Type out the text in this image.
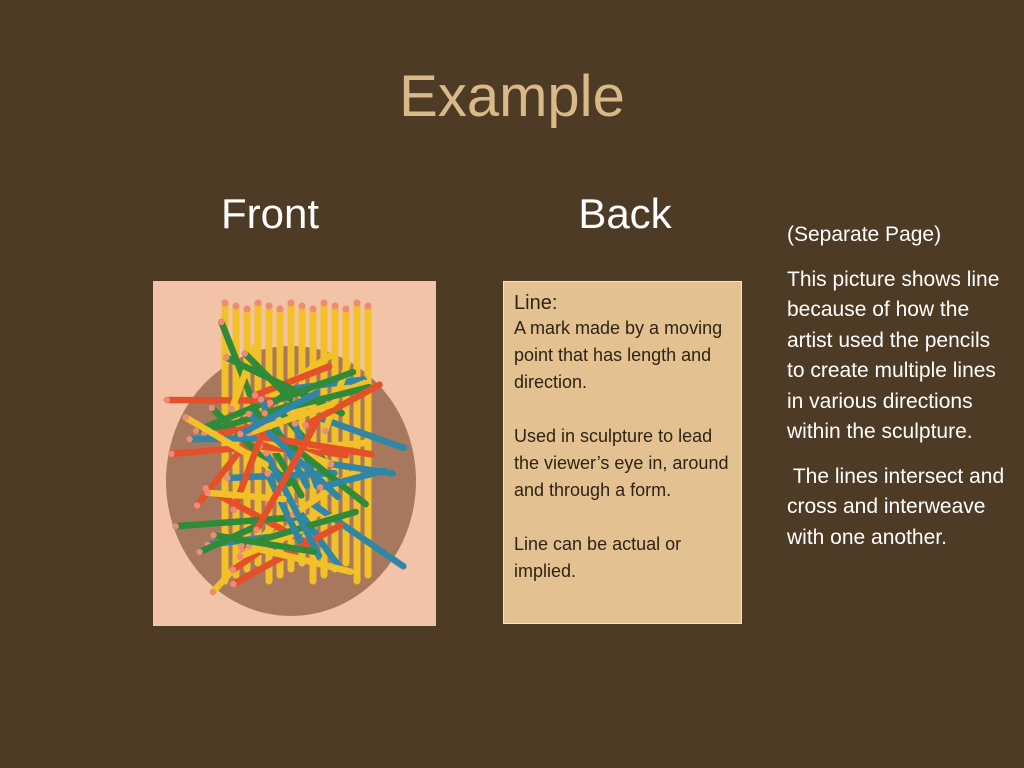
Example
Front	Back
Line:

A mark made by a moving point that has length and direction.

Used in sculpture to lead the viewer’s eye in, around and through a form.

Line can be actual or implied.

(Separate Page)

This picture shows line because of how the artist used the pencils to create multiple lines in various directions within the sculpture.

The lines intersect and cross and interweave with one another.
